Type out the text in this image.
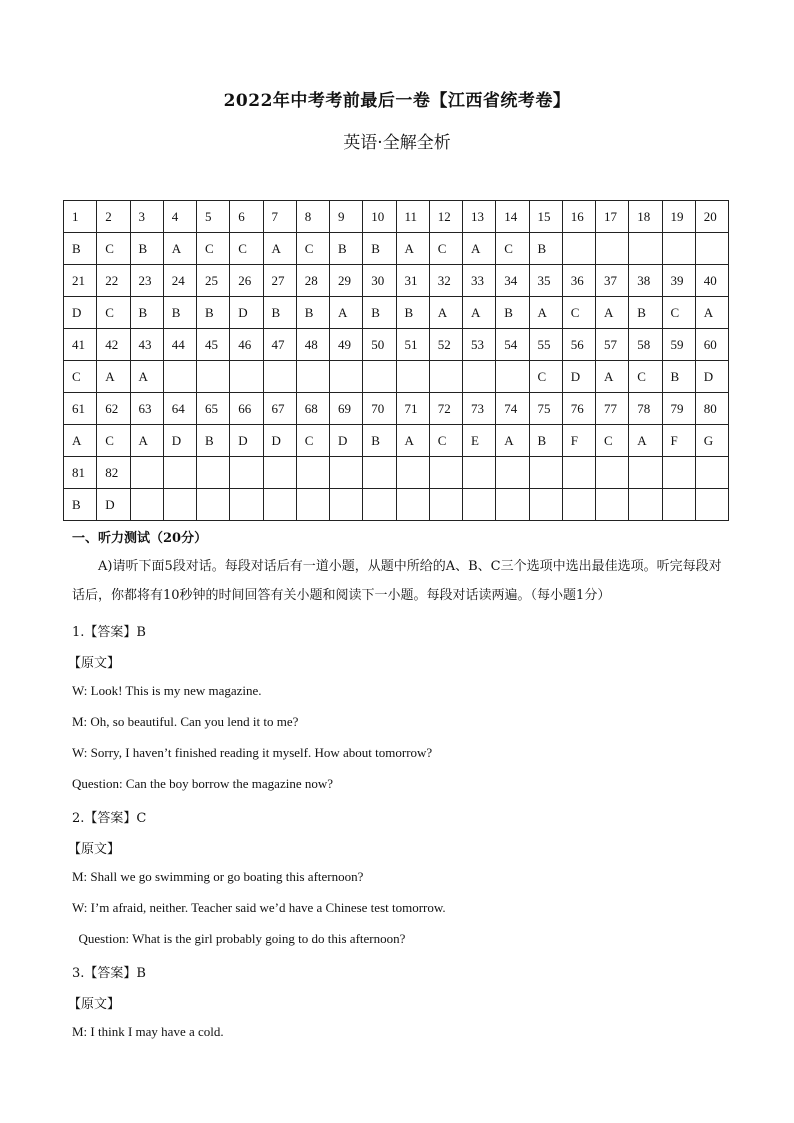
2022年中考考前最后一卷【江西省统考卷】
英语·全解全析
1	2	3	4	5	6	7	8	9	10	11	12	13	14	15	16	17	18	19	20
B	C	B	A	C	C	A	C	B	B	A	C	A	C	B					
21	22	23	24	25	26	27	28	29	30	31	32	33	34	35	36	37	38	39	40
D	C	B	B	B	D	B	B	A	B	B	A	A	B	A	C	A	B	C	A
41	42	43	44	45	46	47	48	49	50	51	52	53	54	55	56	57	58	59	60
C	A	A												C	D	A	C	B	D
61	62	63	64	65	66	67	68	69	70	71	72	73	74	75	76	77	78	79	80
A	C	A	D	B	D	D	C	D	B	A	C	E	A	B	F	C	A	F	G
81	82																		
B	D																		
一、听力测试（20分）
A)请听下面5段对话。每段对话后有一道小题，从题中所给的A、B、C三个选项中选出最佳选项。听完每段对话后，你都将有10秒钟的时间回答有关小题和阅读下一小题。每段对话读两遍。（每小题1分）
1.【答案】B
【原文】
W: Look! This is my new magazine.
M: Oh, so beautiful. Can you lend it to me?
W: Sorry, I haven’t finished reading it myself. How about tomorrow?
Question: Can the boy borrow the magazine now?
2.【答案】C
【原文】
M: Shall we go swimming or go boating this afternoon?
W: I’m afraid, neither. Teacher said we’d have a Chinese test tomorrow.
Question: What is the girl probably going to do this afternoon?
3.【答案】B
【原文】
M: I think I may have a cold.
